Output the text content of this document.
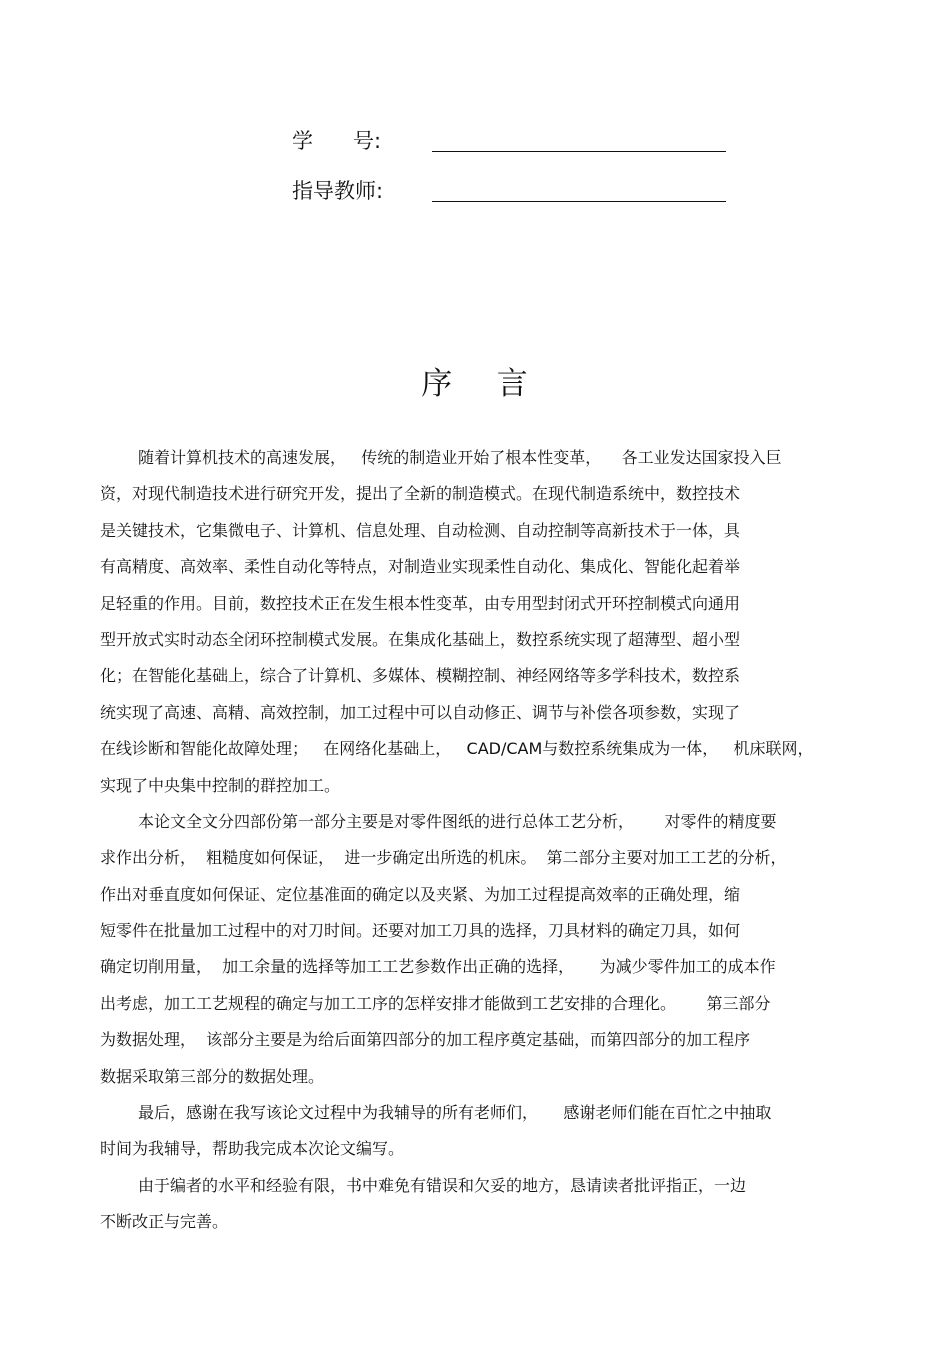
学      号:
指导教师:
序    言

随着计算机技术的高速发展，   传统的制造业开始了根本性变革，    各工业发达国家投入巨
资，对现代制造技术进行研究开发，提出了全新的制造模式。在现代制造系统中，数控技术
是关键技术，它集微电子、计算机、信息处理、自动检测、自动控制等高新技术于一体，具
有高精度、高效率、柔性自动化等特点，对制造业实现柔性自动化、集成化、智能化起着举
足轻重的作用。目前，数控技术正在发生根本性变革，由专用型封闭式开环控制模式向通用
型开放式实时动态全闭环控制模式发展。在集成化基础上，数控系统实现了超薄型、超小型
化；在智能化基础上，综合了计算机、多媒体、模糊控制、神经网络等多学科技术，数控系
统实现了高速、高精、高效控制，加工过程中可以自动修正、调节与补偿各项参数，实现了
在线诊断和智能化故障处理；   在网络化基础上，   CAD/CAM与数控系统集成为一体，   机床联网，
实现了中央集中控制的群控加工。

本论文全文分四部份第一部分主要是对零件图纸的进行总体工艺分析，      对零件的精度要
求作出分析，  粗糙度如何保证，  进一步确定出所选的机床。  第二部分主要对加工工艺的分析，
作出对垂直度如何保证、定位基准面的确定以及夹紧、为加工过程提高效率的正确处理，缩
短零件在批量加工过程中的对刀时间。还要对加工刀具的选择，刀具材料的确定刀具，如何
确定切削用量，  加工余量的选择等加工工艺参数作出正确的选择，     为减少零件加工的成本作
出考虑，加工工艺规程的确定与加工工序的怎样安排才能做到工艺安排的合理化。      第三部分
为数据处理，  该部分主要是为给后面第四部分的加工程序奠定基础，而第四部分的加工程序
数据采取第三部分的数据处理。

最后，感谢在我写该论文过程中为我辅导的所有老师们，     感谢老师们能在百忙之中抽取
时间为我辅导，帮助我完成本次论文编写。

由于编者的水平和经验有限，书中难免有错误和欠妥的地方，恳请读者批评指正，一边
不断改正与完善。
